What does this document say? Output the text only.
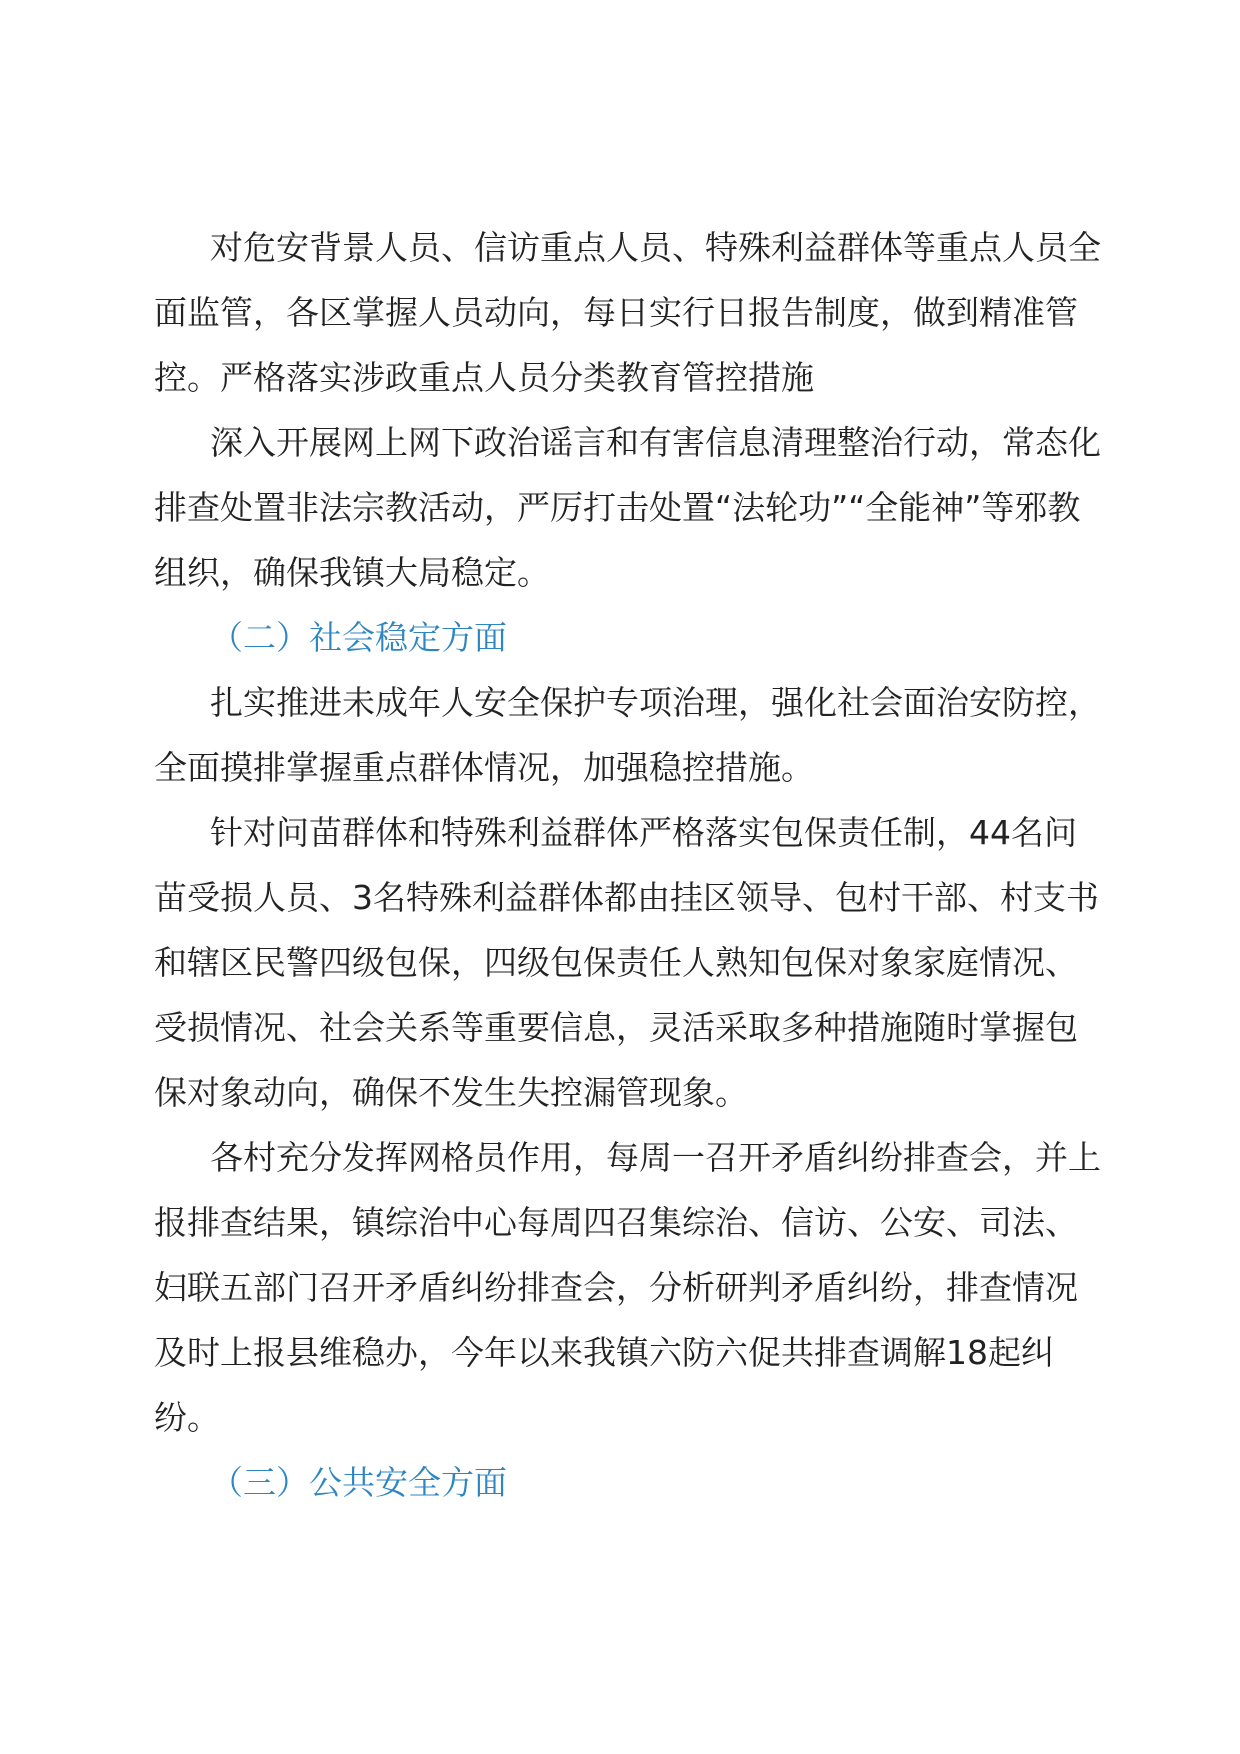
对危安背景人员、信访重点人员、特殊利益群体等重点人员全面监管，各区掌握人员动向，每日实行日报告制度，做到精准管控。严格落实涉政重点人员分类教育管控措施

深入开展网上网下政治谣言和有害信息清理整治行动，常态化排查处置非法宗教活动，严厉打击处置“法轮功”“全能神”等邪教组织，确保我镇大局稳定。

（二）社会稳定方面

扎实推进未成年人安全保护专项治理，强化社会面治安防控，全面摸排掌握重点群体情况，加强稳控措施。

针对问苗群体和特殊利益群体严格落实包保责任制，44名问苗受损人员、3名特殊利益群体都由挂区领导、包村干部、村支书和辖区民警四级包保，四级包保责任人熟知包保对象家庭情况、受损情况、社会关系等重要信息，灵活采取多种措施随时掌握包保对象动向，确保不发生失控漏管现象。

各村充分发挥网格员作用，每周一召开矛盾纠纷排查会，并上报排查结果，镇综治中心每周四召集综治、信访、公安、司法、妇联五部门召开矛盾纠纷排查会，分析研判矛盾纠纷，排查情况及时上报县维稳办，今年以来我镇六防六促共排查调解18起纠纷。

（三）公共安全方面
